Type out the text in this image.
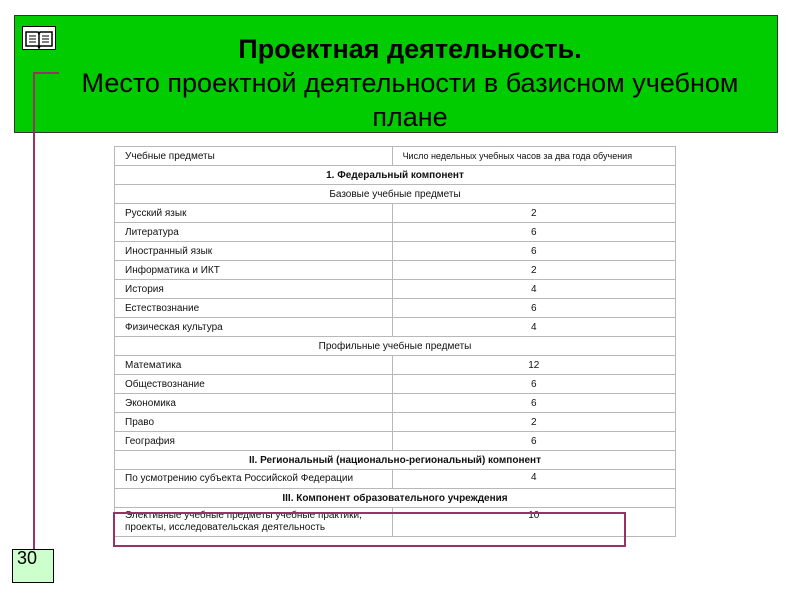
Проектная деятельность.
Место проектной деятельности в базисном учебном плане
Учебные предметы	Число недельных учебных часов за два года обучения
1. Федеральный компонент	
Базовые учебные предметы	
Русский язык	2
Литература	6
Иностранный язык	6
Информатика и ИКТ	2
История	4
Естествознание	6
Физическая культура	4
Профильные учебные предметы	
Математика	12
Обществознание	6
Экономика	6
Право	2
География	6
II. Региональный (национально-региональный) компонент	
По усмотрению субъекта Российской Федерации	4
III. Компонент образовательного учреждения	
Элективные учебные предметы учебные практики, проекты, исследовательская деятельность	10
30
